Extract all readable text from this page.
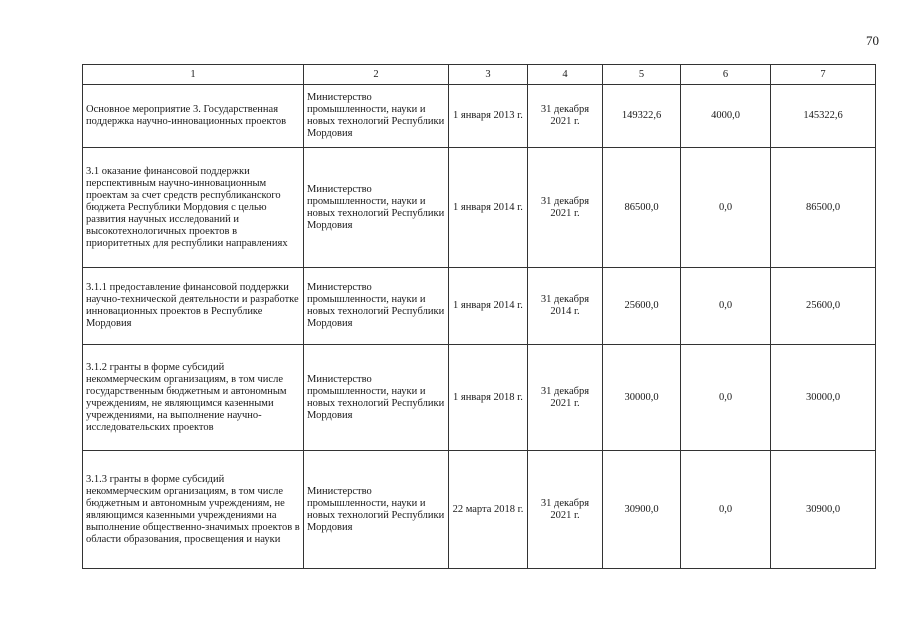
70
1	2	3	4	5	6	7
Основное мероприятие 3. Государственная поддержка научно-инновационных проектов	Министерство промышленности, науки и новых технологий Республики Мордовия	1 января 2013 г.	31 декабря 2021 г.	149322,6	4000,0	145322,6
3.1 оказание финансовой поддержки перспективным научно-инновационным проектам за счет средств республиканского бюджета Республики Мордовия с целью развития научных исследований и высокотехнологичных проектов в приоритетных для республики направлениях	Министерство промышленности, науки и новых технологий Республики Мордовия	1 января 2014 г.	31 декабря 2021 г.	86500,0	0,0	86500,0
3.1.1 предоставление финансовой поддержки научно-технической деятельности и разработке инновационных проектов в Республике Мордовия	Министерство промышленности, науки и новых технологий Республики Мордовия	1 января 2014 г.	31 декабря 2014 г.	25600,0	0,0	25600,0
3.1.2 гранты в форме субсидий некоммерческим организациям, в том числе государственным бюджетным и автономным учреждениям, не являющимся казенными учреждениями, на выполнение научно-исследовательских проектов	Министерство промышленности, науки и новых технологий Республики Мордовия	1 января 2018 г.	31 декабря 2021 г.	30000,0	0,0	30000,0
3.1.3 гранты в форме субсидий некоммерческим организациям, в том числе бюджетным и автономным учреждениям, не являющимся казенными учреждениями на выполнение общественно-значимых проектов в области образования, просвещения и науки	Министерство промышленности, науки и новых технологий Республики Мордовия	22 марта 2018 г.	31 декабря 2021 г.	30900,0	0,0	30900,0
